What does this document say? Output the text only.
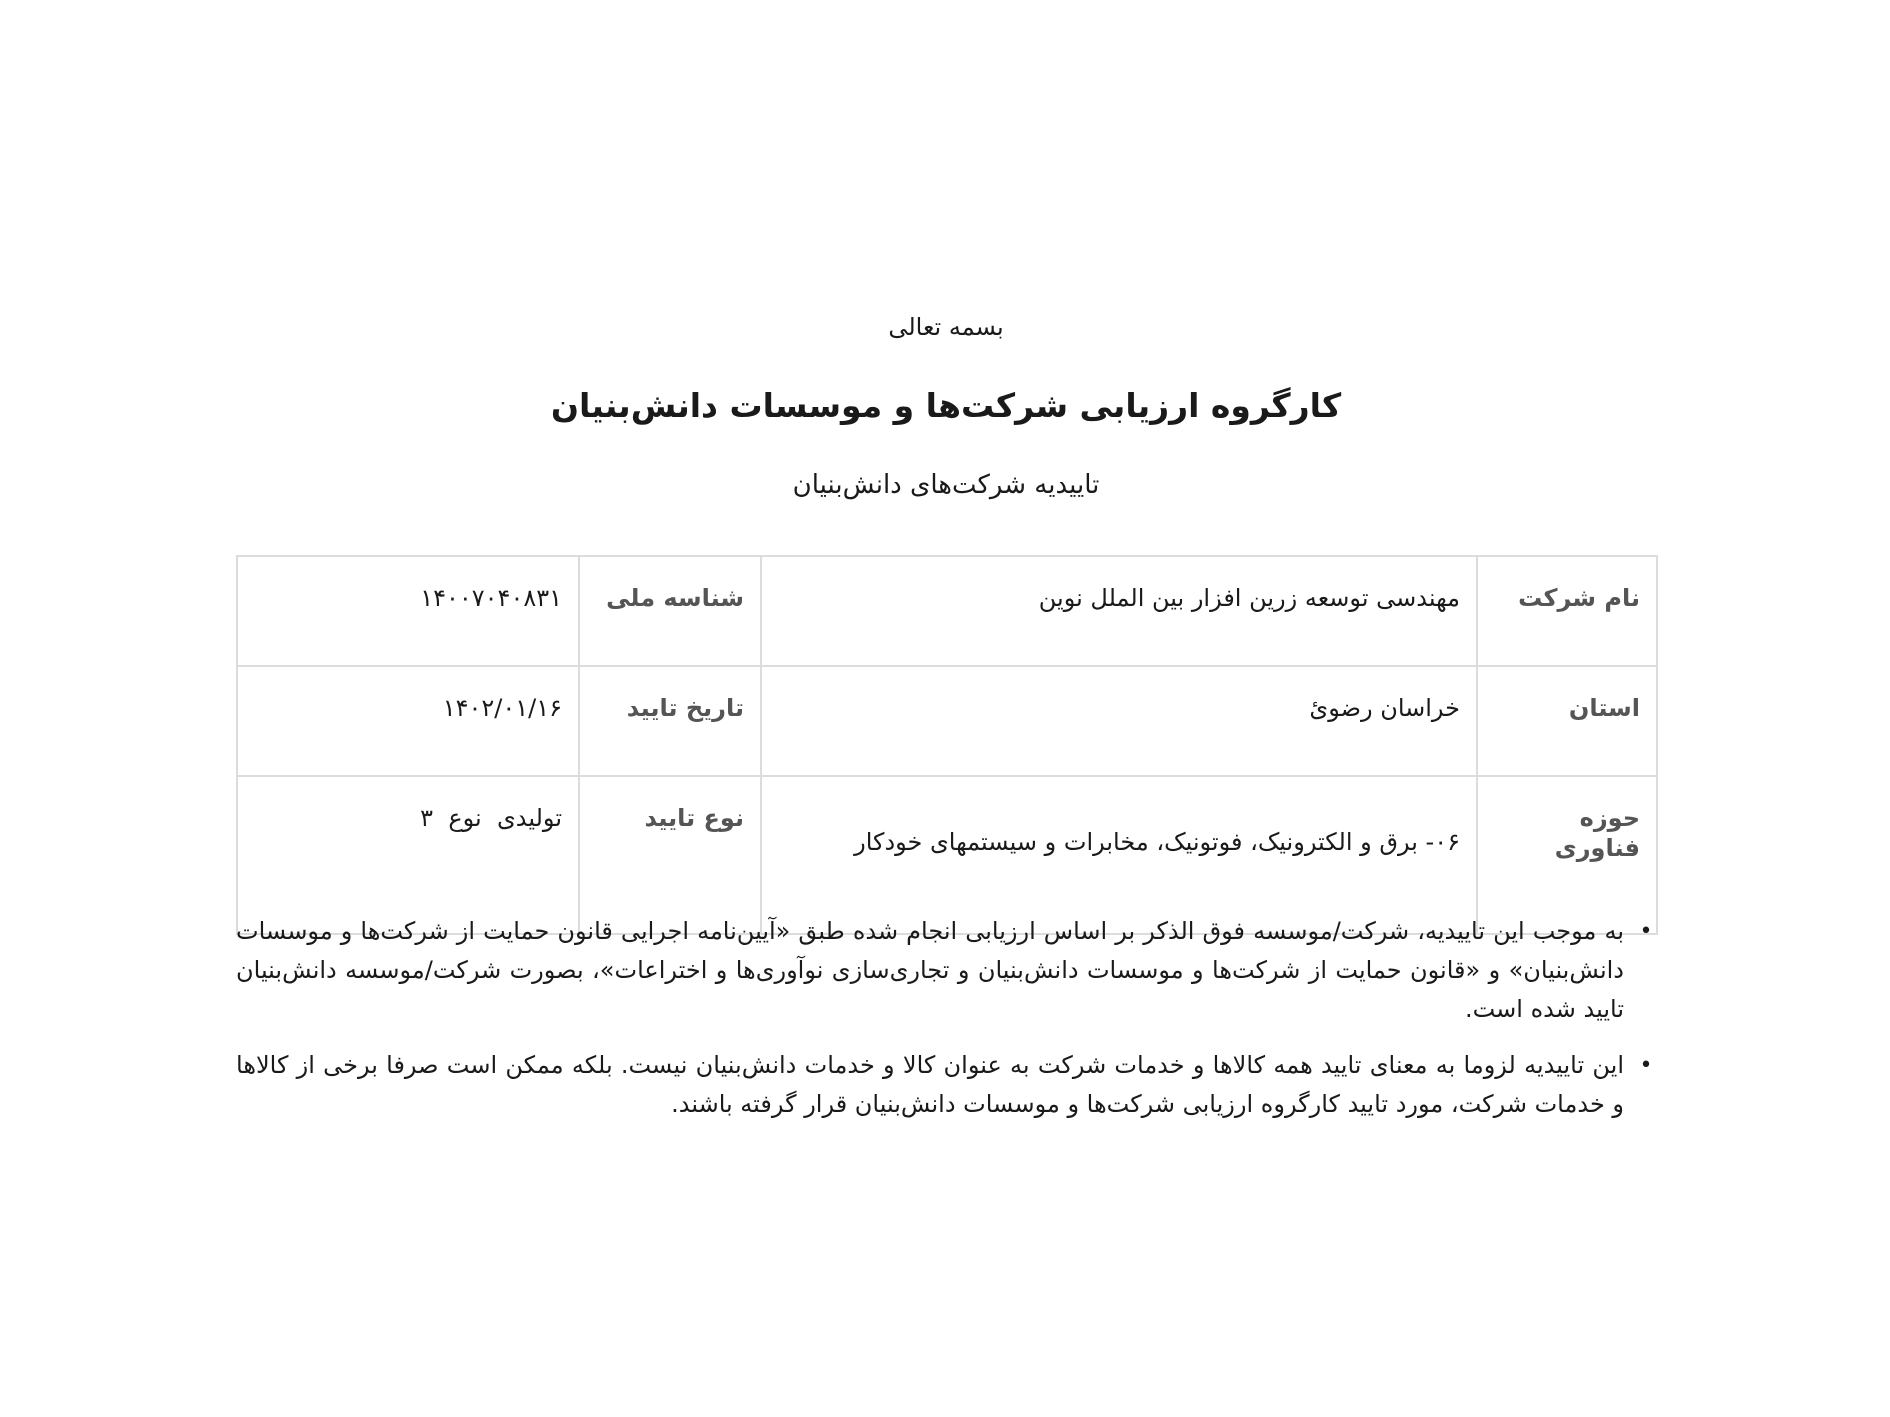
بسمه تعالی
کارگروه ارزیابی شرکت‌ها و موسسات دانش‌بنیان
تاییدیه شرکت‌های دانش‌بنیان
نام شرکت	مهندسی توسعه زرین افزار بین الملل نوین	شناسه ملی	۱۴۰۰۷۰۴۰۸۳۱
استان	خراسان رضوئ	تاریخ تایید	۱۴۰۲/۰۱/۱۶
حوزه فناوری	۰۶- برق و الکترونیک، فوتونیک، مخابرات و سیستمهای خودکار	نوع تایید	تولیدی  نوع  ۳
•
به موجب این تاییدیه، شرکت/موسسه فوق الذکر بر اساس ارزیابی انجام شده طبق «آیین‌نامه اجرایی قانون حمایت از شرکت‌ها و موسسات دانش‌بنیان» و «قانون حمایت از شرکت‌ها و موسسات دانش‌بنیان و تجاری‌سازی نوآوری‌ها و اختراعات»، بصورت شرکت/موسسه دانش‌بنیان تایید شده است.
•
این تاییدیه لزوما به معنای تایید همه کالاها و خدمات شرکت به عنوان کالا و خدمات دانش‌بنیان نیست. بلکه ممکن است صرفا برخی از کالاها و خدمات شرکت، مورد تایید کارگروه ارزیابی شرکت‌ها و موسسات دانش‌بنیان قرار گرفته باشند.
